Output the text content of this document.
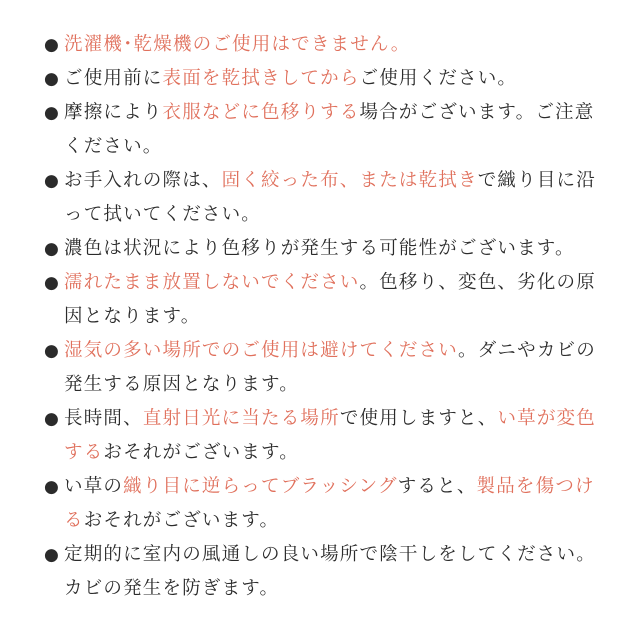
● 洗濯機･乾燥機のご使用はできません。
● ご使用前に表面を乾拭きしてからご使用ください。
● 摩擦により衣服などに色移りする場合がございます。ご注意ください。
● お手入れの際は、固く絞った布、または乾拭きで織り目に沿って拭いてください。
● 濃色は状況により色移りが発生する可能性がございます。
● 濡れたまま放置しないでください。色移り、変色、劣化の原因となります。
● 湿気の多い場所でのご使用は避けてください。ダニやカビの発生する原因となります。
● 長時間、直射日光に当たる場所で使用しますと、い草が変色するおそれがございます。
● い草の織り目に逆らってブラッシングすると、製品を傷つけるおそれがございます。
● 定期的に室内の風通しの良い場所で陰干しをしてください。カビの発生を防ぎます。
